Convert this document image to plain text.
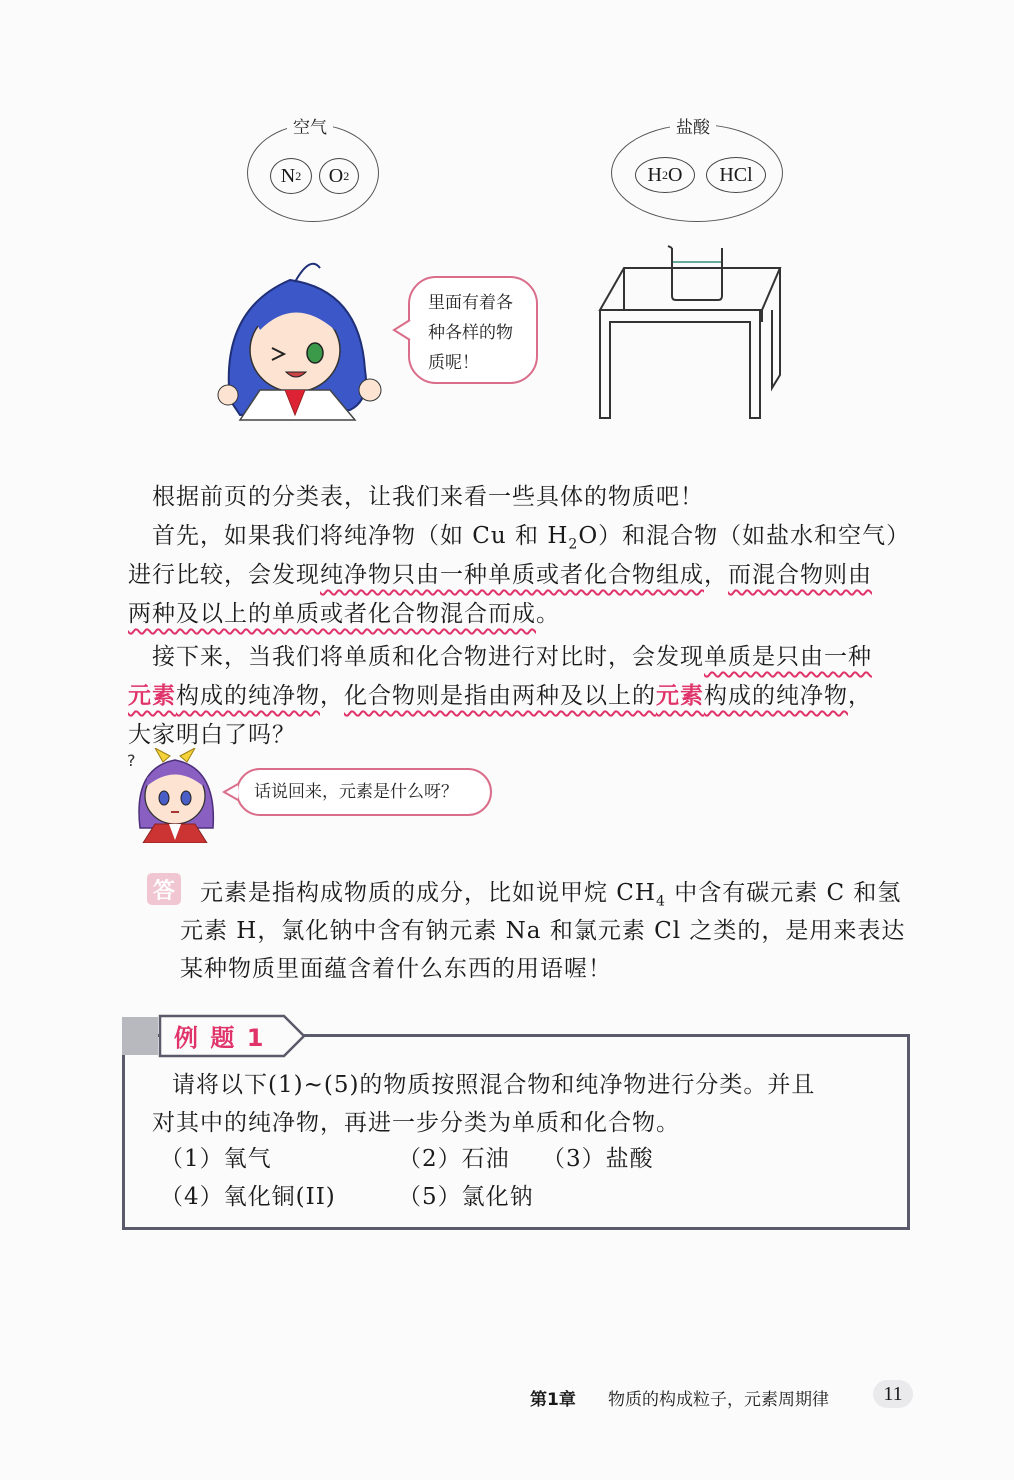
空气
N 2 O 2
盐酸
H 2 O HCl
里面有着各
种各样的物
质呢！
根据前页的分类表，让我们来看一些具体的物质吧！
首先，如果我们将纯净物（如 Cu 和 $H_2O$）和混合物（如盐水和空气）
进行比较，会发现纯净物只由一种单质或者化合物组成，而混合物则由
两种及以上的单质或者化合物混合而成。
接下来，当我们将单质和化合物进行对比时，会发现单质是只由一种
元素构成的纯净物，化合物则是指由两种及以上的元素构成的纯净物，
大家明白了吗？
?
话说回来，元素是什么呀？
答 元素是指构成物质的成分，比如说甲烷 $CH_4$ 中含有碳元素 C 和氢
元素 H，氯化钠中含有钠元素 Na 和氯元素 Cl 之类的，是用来表达
某种物质里面蕴含着什么东西的用语喔！
例 题 1
请将以下(1)~(5)的物质按照混合物和纯净物进行分类。并且
对其中的纯净物，再进一步分类为单质和化合物。
（1）氧气	（2）石油 （3）盐酸
（4）氧化铜(II)	（5）氯化钠
第1章 物质的构成粒子，元素周期律	11
